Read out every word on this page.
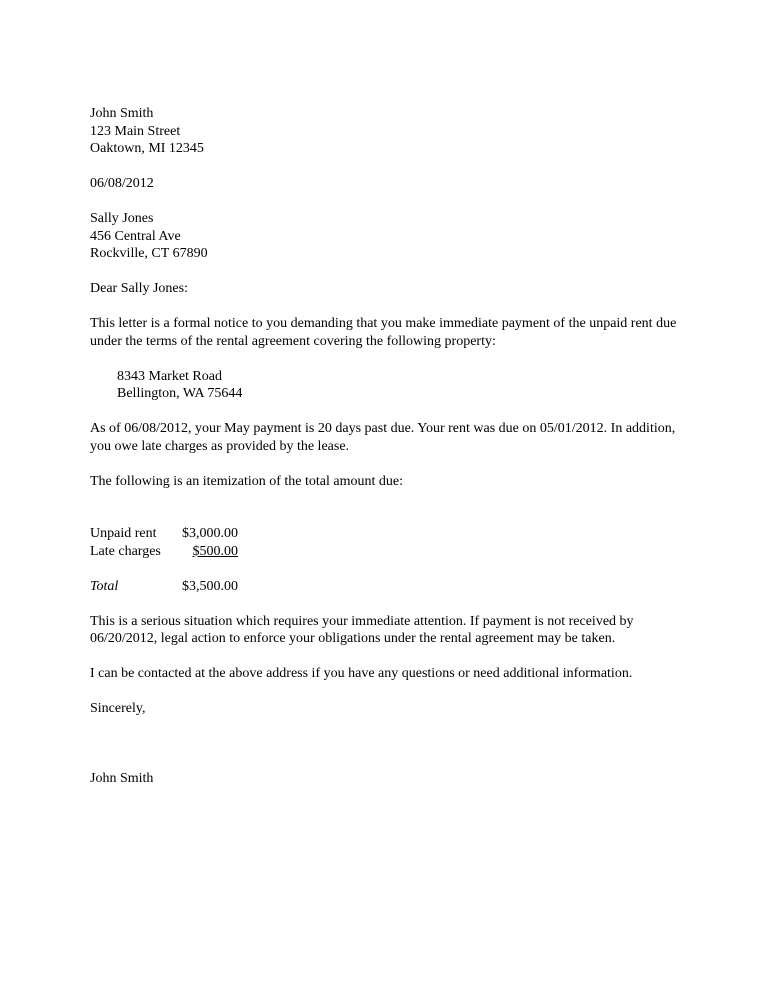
John Smith
123 Main Street
Oaktown, MI 12345
06/08/2012
Sally Jones
456 Central Ave
Rockville, CT 67890
Dear Sally Jones:

This letter is a formal notice to you demanding that you make immediate payment of the unpaid rent due under the terms of the rental agreement covering the following property:

8343 Market Road
Bellington, WA 75644

As of 06/08/2012, your May payment is 20 days past due. Your rent was due on 05/01/2012. In addition, you owe late charges as provided by the lease.

The following is an itemization of the total amount due:

Unpaid rent	$3,000.00
Late charges	$500.00
Total	$3,500.00

This is a serious situation which requires your immediate attention. If payment is not received by 06/20/2012, legal action to enforce your obligations under the rental agreement may be taken.

I can be contacted at the above address if you have any questions or need additional information.

Sincerely,
John Smith
